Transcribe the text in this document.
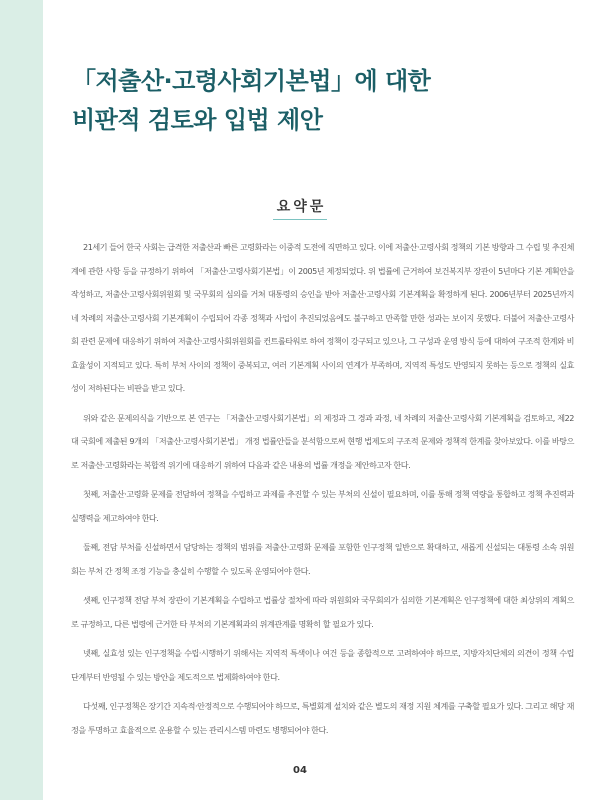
「저출산·고령사회기본법」에 대한
비판적 검토와 입법 제안
요약문

21세기 들어 한국 사회는 급격한 저출산과 빠른 고령화라는 이중적 도전에 직면하고 있다. 이에 저출산·고령사회 정책의 기본 방향과 그 수립 및 추진체계에 관한 사항 등을 규정하기 위하여 「저출산·고령사회기본법」이 2005년 제정되었다. 위 법률에 근거하여 보건복지부 장관이 5년마다 기본 계획안을 작성하고, 저출산·고령사회위원회 및 국무회의 심의를 거쳐 대통령의 승인을 받아 저출산·고령사회 기본계획을 확정하게 된다. 2006년부터 2025년까지 네 차례의 저출산·고령사회 기본계획이 수립되어 각종 정책과 사업이 추진되었음에도 불구하고 만족할 만한 성과는 보이지 못했다. 더불어 저출산·고령사회 관련 문제에 대응하기 위하여 저출산·고령사회위원회를 컨트롤타워로 하여 정책이 강구되고 있으나, 그 구성과 운영 방식 등에 대하여 구조적 한계와 비효율성이 지적되고 있다. 특히 부처 사이의 정책이 중복되고, 여러 기본계획 사이의 연계가 부족하며, 지역적 특성도 반영되지 못하는 등으로 정책의 실효성이 저하된다는 비판을 받고 있다.

위와 같은 문제의식을 기반으로 본 연구는 「저출산·고령사회기본법」의 제정과 그 경과 과정, 네 차례의 저출산·고령사회 기본계획을 검토하고, 제22대 국회에 제출된 9개의 「저출산·고령사회기본법」 개정 법률안들을 분석함으로써 현행 법제도의 구조적 문제와 정책적 한계를 찾아보았다. 이를 바탕으로 저출산·고령화라는 복합적 위기에 대응하기 위하여 다음과 같은 내용의 법률 개정을 제안하고자 한다.

첫째, 저출산·고령화 문제를 전담하여 정책을 수립하고 과제를 추진할 수 있는 부처의 신설이 필요하며, 이를 통해 정책 역량을 통합하고 정책 추진력과 실행력을 제고하여야 한다.

둘째, 전담 부처를 신설하면서 담당하는 정책의 범위를 저출산·고령화 문제를 포함한 인구정책 일반으로 확대하고, 새롭게 신설되는 대통령 소속 위원회는 부처 간 정책 조정 기능을 충실히 수행할 수 있도록 운영되어야 한다.

셋째, 인구정책 전담 부처 장관이 기본계획을 수립하고 법률상 절차에 따라 위원회와 국무회의가 심의한 기본계획은 인구정책에 대한 최상위의 계획으로 규정하고, 다른 법령에 근거한 타 부처의 기본계획과의 위계관계를 명확히 할 필요가 있다.

넷째, 실효성 있는 인구정책을 수립·시행하기 위해서는 지역적 특색이나 여건 등을 종합적으로 고려하여야 하므로, 지방자치단체의 의견이 정책 수립 단계부터 반영될 수 있는 방안을 제도적으로 법제화하여야 한다.

다섯째, 인구정책은 장기간 지속적·안정적으로 수행되어야 하므로, 특별회계 설치와 같은 별도의 재정 지원 체계를 구축할 필요가 있다. 그리고 해당 재정을 투명하고 효율적으로 운용할 수 있는 관리시스템 마련도 병행되어야 한다.

04
